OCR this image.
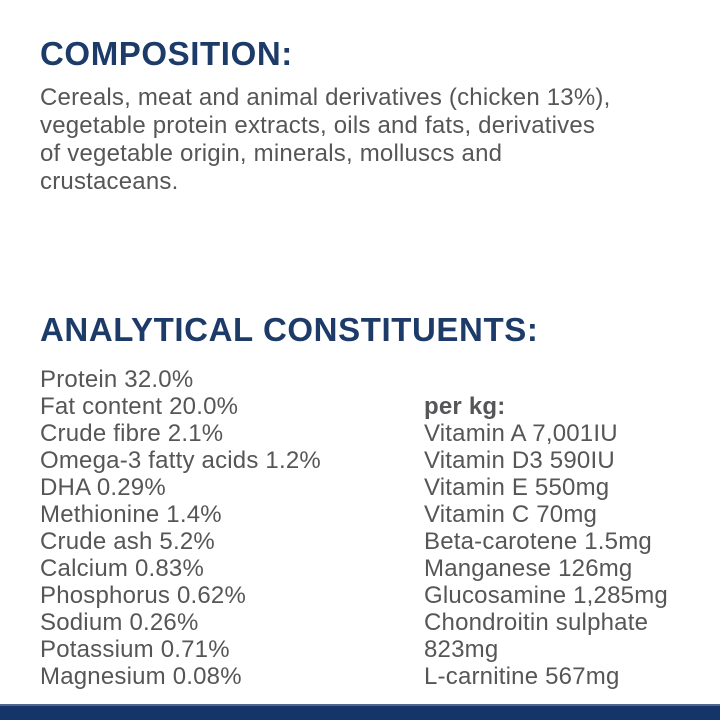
COMPOSITION:
Cereals, meat and animal derivatives (chicken 13%),
vegetable protein extracts, oils and fats, derivatives
of vegetable origin, minerals, molluscs and
crustaceans.
ANALYTICAL CONSTITUENTS:
Protein 32.0%
Fat content 20.0%
Crude fibre 2.1%
Omega-3 fatty acids 1.2%
DHA 0.29%
Methionine 1.4%
Crude ash 5.2%
Calcium 0.83%
Phosphorus 0.62%
Sodium 0.26%
Potassium 0.71%
Magnesium 0.08%

per kg:

Vitamin A 7,001IU
Vitamin D3 590IU
Vitamin E 550mg
Vitamin C 70mg
Beta-carotene 1.5mg
Manganese 126mg
Glucosamine 1,285mg
Chondroitin sulphate 823mg
L-carnitine 567mg
